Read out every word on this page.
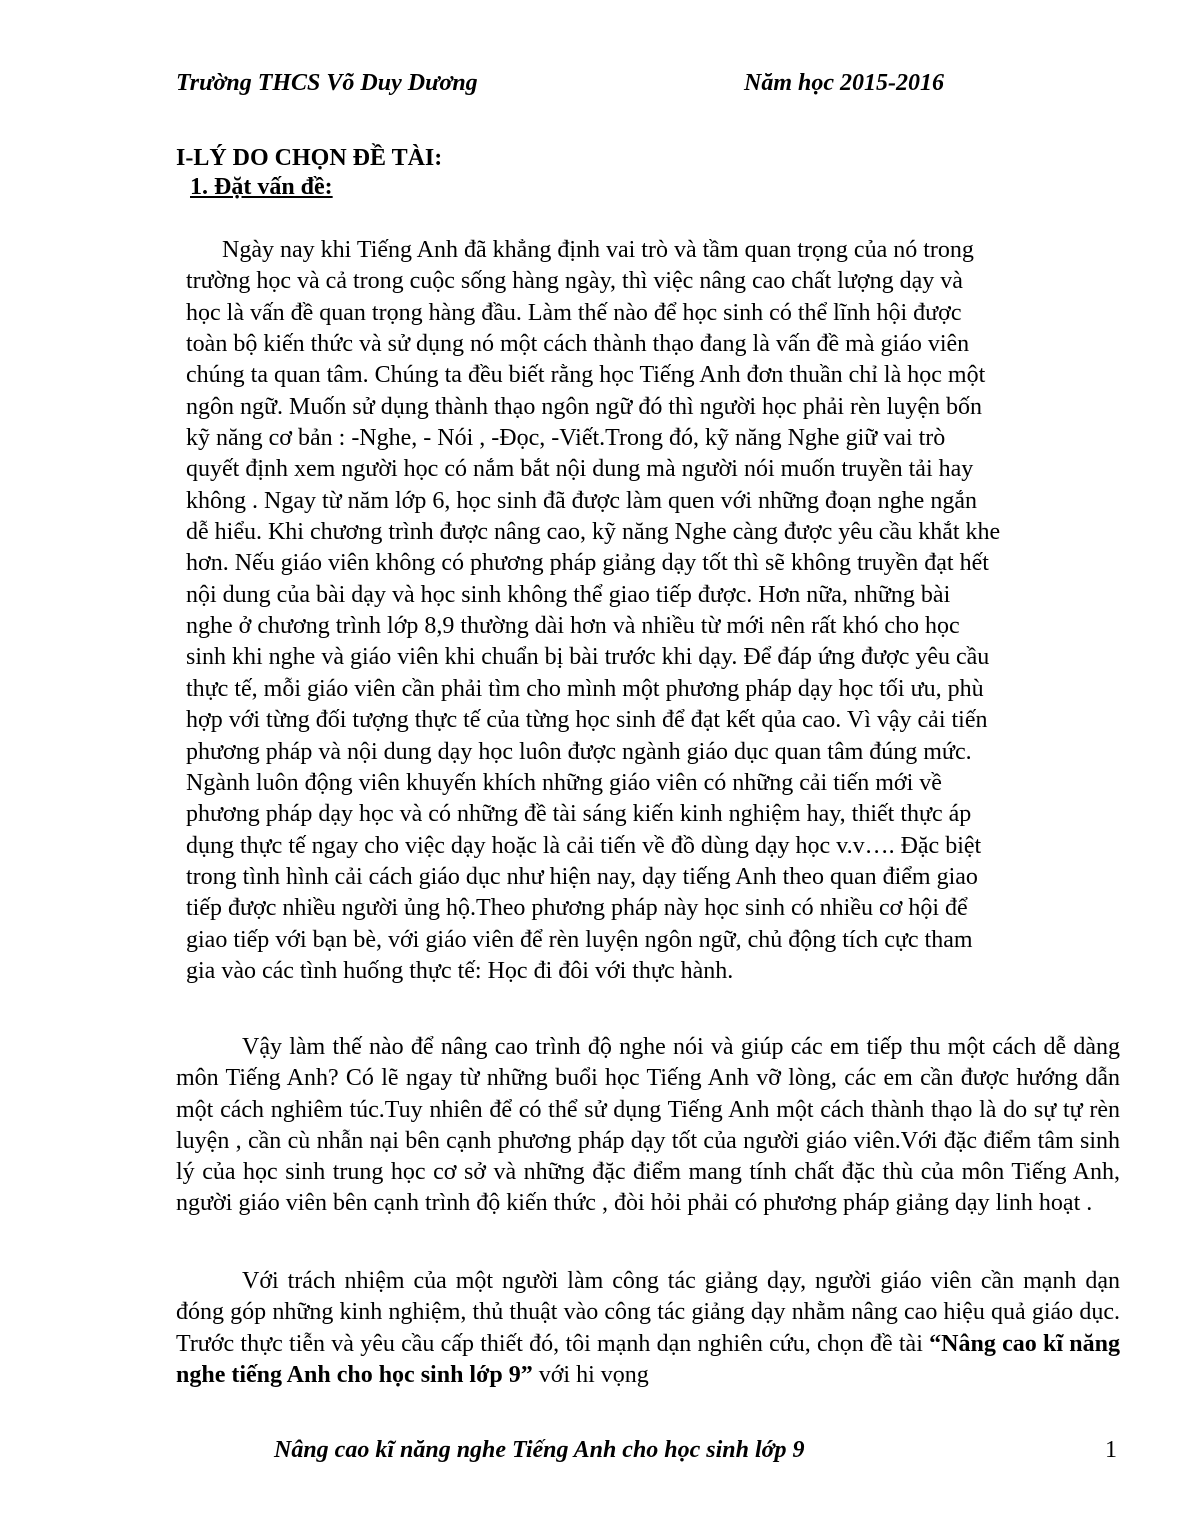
Trường THCS Võ Duy Dương	Năm học 2015-2016
I-LÝ DO CHỌN ĐỀ TÀI:
1. Đặt vấn đề:
Ngày nay khi Tiếng Anh đã khẳng định vai trò và tầm quan trọng của nó trong
trường học và cả trong cuộc sống hàng ngày, thì việc nâng cao chất lượng dạy và
học là vấn đề quan trọng hàng đầu. Làm thế nào để học sinh có thể lĩnh hội được
toàn bộ kiến thức và sử dụng nó một cách thành thạo đang là vấn đề mà giáo viên
chúng ta quan tâm. Chúng ta đều biết rằng học Tiếng Anh đơn thuần chỉ là học một
ngôn ngữ. Muốn sử dụng thành thạo ngôn ngữ đó thì người học phải rèn luyện bốn
kỹ năng cơ bản : -Nghe, - Nói , -Đọc, -Viết.Trong đó, kỹ năng Nghe giữ vai trò
quyết định xem người học có nắm bắt nội dung mà người nói muốn truyền tải hay
không . Ngay từ năm lớp 6, học sinh đã được làm quen với những đoạn nghe ngắn
dễ hiểu. Khi chương trình được nâng cao, kỹ năng Nghe càng được yêu cầu khắt khe
hơn. Nếu giáo viên không có phương pháp giảng dạy tốt thì sẽ không truyền đạt hết
nội dung của bài dạy và học sinh không thể giao tiếp được. Hơn nữa, những bài
nghe ở chương trình lớp 8,9 thường dài hơn và nhiều từ mới nên rất khó cho học
sinh khi nghe và giáo viên khi chuẩn bị bài trước khi dạy. Để đáp ứng được yêu cầu
thực tế, mỗi giáo viên cần phải tìm cho mình một phương pháp dạy học tối ưu, phù
hợp với từng đối tượng thực tế của từng học sinh để đạt kết qủa cao. Vì vậy cải tiến
phương pháp và nội dung dạy học luôn được ngành giáo dục quan tâm đúng mức.
Ngành luôn động viên khuyến khích những giáo viên có những cải tiến mới về
phương pháp dạy học và có những đề tài sáng kiến kinh nghiệm hay, thiết thực áp
dụng thực tế ngay cho việc dạy hoặc là cải tiến về đồ dùng dạy học v.v…. Đặc biệt
trong tình hình cải cách giáo dục như hiện nay, dạy tiếng Anh theo quan điểm giao
tiếp được nhiều người ủng hộ.Theo phương pháp này học sinh có nhiều cơ hội để
giao tiếp với bạn bè, với giáo viên để rèn luyện ngôn ngữ, chủ động tích cực tham
gia vào các tình huống thực tế: Học đi đôi với thực hành.

Vậy làm thế nào để nâng cao trình độ nghe nói và giúp các em tiếp thu một cách dễ dàng môn Tiếng Anh? Có lẽ ngay từ những buổi học Tiếng Anh vỡ lòng, các em cần được hướng dẫn một cách nghiêm túc.Tuy nhiên để có thể sử dụng Tiếng Anh một cách thành thạo là do sự tự rèn luyện , cần cù nhẫn nại bên cạnh phương pháp dạy tốt của người giáo viên.Với đặc điểm tâm sinh lý của học sinh trung học cơ sở và những đặc điểm mang tính chất đặc thù của môn Tiếng Anh, người giáo viên bên cạnh trình độ kiến thức , đòi hỏi phải có phương pháp giảng dạy linh hoạt .

Với trách nhiệm của một người làm công tác giảng dạy, người giáo viên cần mạnh dạn đóng góp những kinh nghiệm, thủ thuật vào công tác giảng dạy nhằm nâng cao hiệu quả giáo dục. Trước thực tiễn và yêu cầu cấp thiết đó, tôi mạnh dạn nghiên cứu, chọn đề tài “Nâng cao kĩ năng nghe tiếng Anh cho học sinh lớp 9” với hi vọng

Nâng cao kĩ năng nghe Tiếng Anh cho học sinh lớp 9	1
